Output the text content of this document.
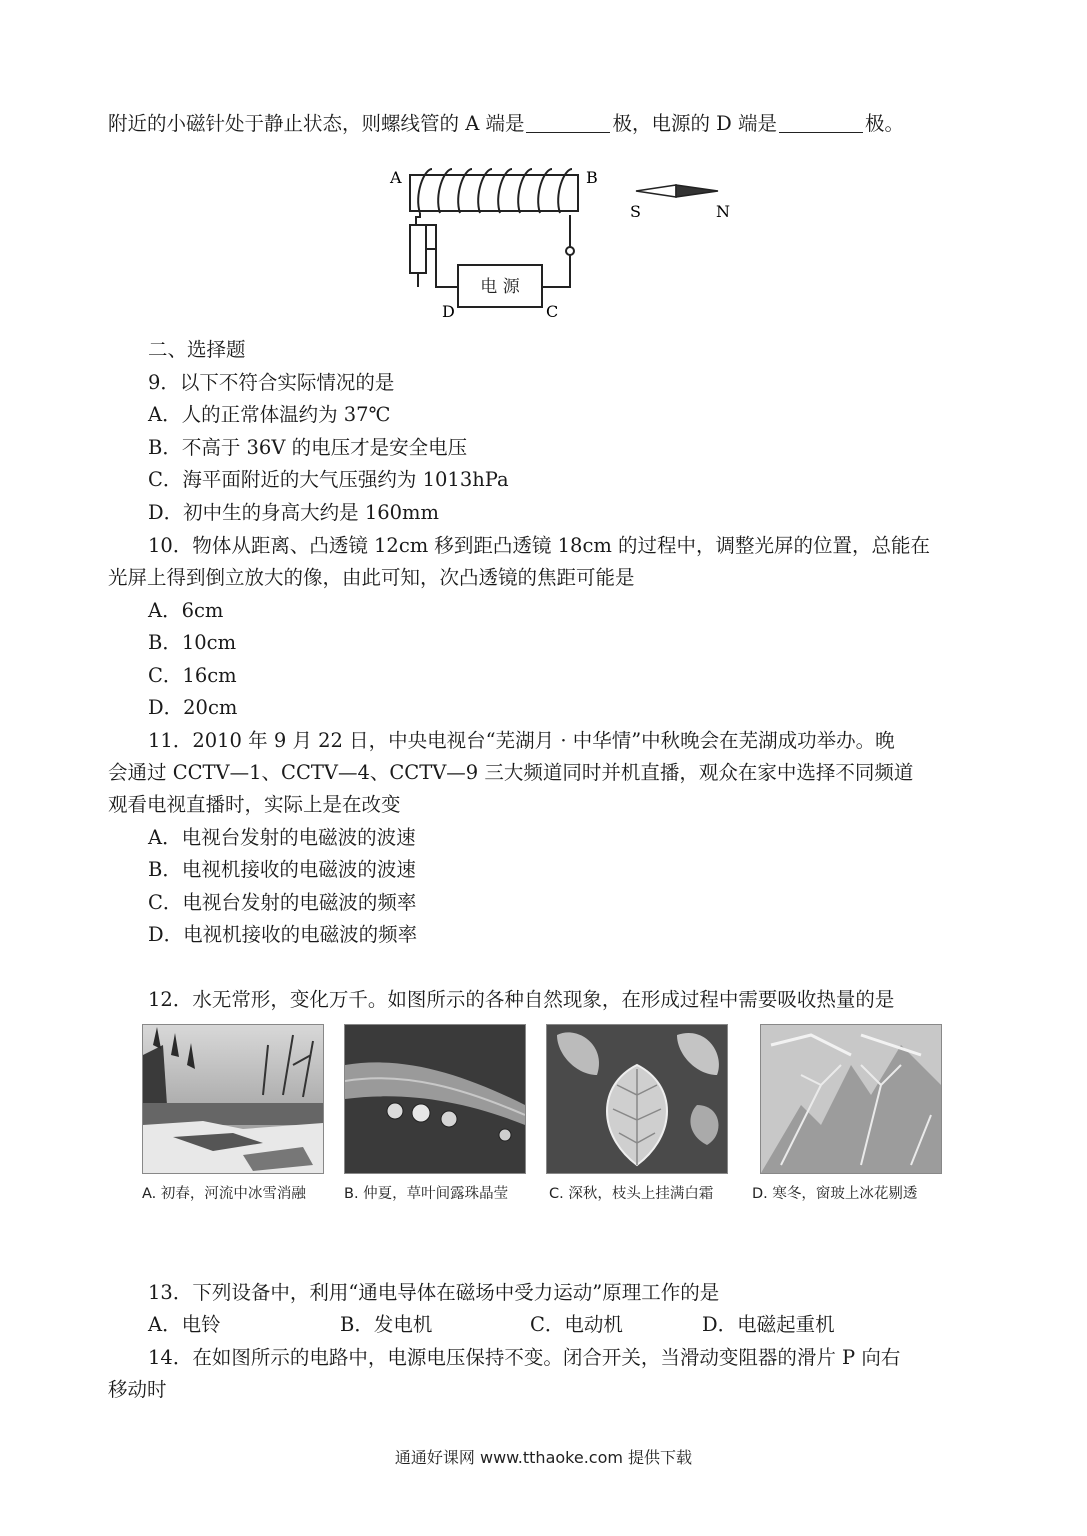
附近的小磁针处于静止状态，则螺线管的 A 端是	极，电源的 D 端是	极。
电 源
A	B
D	C
S	N
二、选择题
9．以下不符合实际情况的是
A．人的正常体温约为 37℃
B．不高于 36V 的电压才是安全电压
C．海平面附近的大气压强约为 1013hPa
D．初中生的身高大约是 160mm
10．物体从距离、凸透镜 12cm 移到距凸透镜 18cm 的过程中，调整光屏的位置，总能在
光屏上得到倒立放大的像，由此可知，次凸透镜的焦距可能是
A．6cm
B．10cm
C．16cm
D．20cm
11．2010 年 9 月 22 日，中央电视台“芜湖月 · 中华情”中秋晚会在芜湖成功举办。晚
会通过 CCTV—1、CCTV—4、CCTV—9 三大频道同时并机直播，观众在家中选择不同频道
观看电视直播时，实际上是在改变
A．电视台发射的电磁波的波速
B．电视机接收的电磁波的波速
C．电视台发射的电磁波的频率
D．电视机接收的电磁波的频率
12．水无常形，变化万千。如图所示的各种自然现象，在形成过程中需要吸收热量的是
A. 初春，河流中冰雪消融	B. 仲夏，草叶间露珠晶莹	C. 深秋，枝头上挂满白霜	D. 寒冬，窗玻上冰花剔透
13．下列设备中，利用“通电导体在磁场中受力运动”原理工作的是
A．电铃	B．发电机	C．电动机	D．电磁起重机
14．在如图所示的电路中，电源电压保持不变。闭合开关，当滑动变阻器的滑片 P 向右
移动时
通通好课网 www.tthaoke.com 提供下载
